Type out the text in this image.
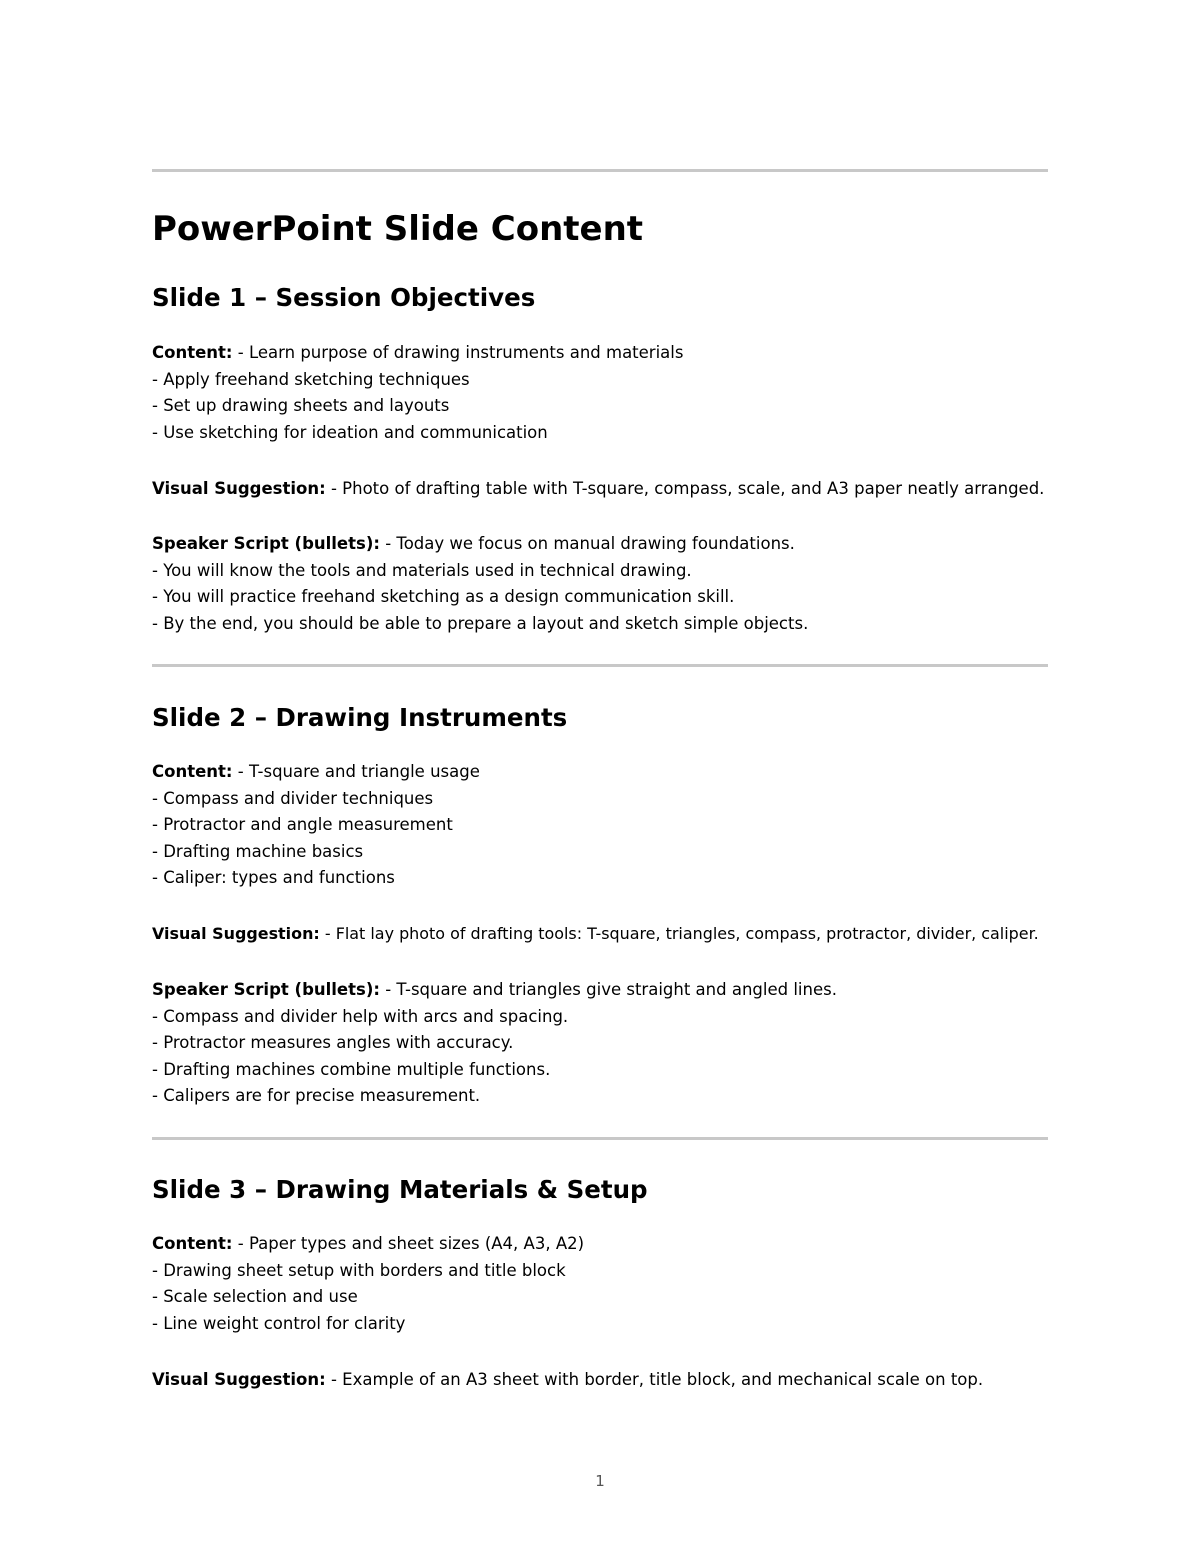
PowerPoint Slide Content
Slide 1 – Session Objectives
Content: - Learn purpose of drawing instruments and materials
- Apply freehand sketching techniques
- Set up drawing sheets and layouts
- Use sketching for ideation and communication
Visual Suggestion: - Photo of drafting table with T-square, compass, scale, and A3 paper neatly arranged.
Speaker Script (bullets): - Today we focus on manual drawing foundations.
- You will know the tools and materials used in technical drawing.
- You will practice freehand sketching as a design communication skill.
- By the end, you should be able to prepare a layout and sketch simple objects.
Slide 2 – Drawing Instruments
Content: - T-square and triangle usage
- Compass and divider techniques
- Protractor and angle measurement
- Drafting machine basics
- Caliper: types and functions
Visual Suggestion: - Flat lay photo of drafting tools: T-square, triangles, compass, protractor, divider, caliper.
Speaker Script (bullets): - T-square and triangles give straight and angled lines.
- Compass and divider help with arcs and spacing.
- Protractor measures angles with accuracy.
- Drafting machines combine multiple functions.
- Calipers are for precise measurement.
Slide 3 – Drawing Materials & Setup
Content: - Paper types and sheet sizes (A4, A3, A2)
- Drawing sheet setup with borders and title block
- Scale selection and use
- Line weight control for clarity
Visual Suggestion: - Example of an A3 sheet with border, title block, and mechanical scale on top.
1
